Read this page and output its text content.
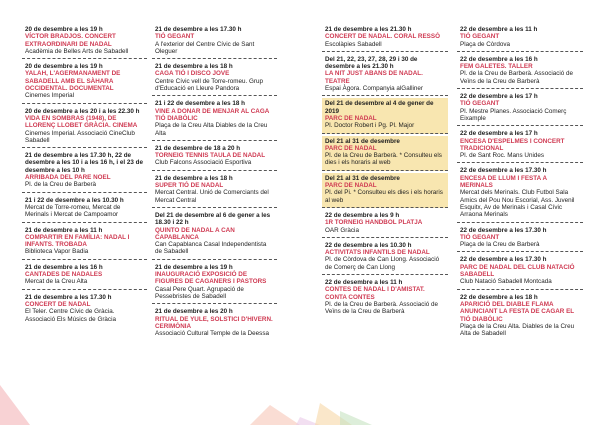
20 de desembre a les 19 h
VÍCTOR BRADJOS. CONCERT EXTRAORDINARI DE NADAL
Acadèmia de Belles Arts de Sabadell
20 de desembre a les 19 h
YALAH, L'AGERMANAMENT DE SABADELL AMB EL SÀHARA OCCIDENTAL. DOCUMENTAL
Cinemes Imperial
20 de desembre a les 20 i a les 22.30 h
VIDA EN SOMBRAS (1948), DE LLORENÇ LLOBET GRÀCIA. CINEMA
Cinemes Imperial. Associació CineClub Sabadell
21 de desembre a les 17.30 h, 22 de desembre a les 10 i a les 16 h, i el 23 de desembre a les 10 h
ARRIBADA DEL PARE NOEL
Pl. de la Creu de Barberà
21 i 22 de desembre a les 10.30 h
Mercat de Torre-romeu, Mercat de Merinals i Mercat de Campoamor
21 de desembre a les 11 h
COMPARTIR EN FAMÍLIA: NADAL I INFANTS. TROBADA
Biblioteca Vapor Badia
21 de desembre a les 16 h
CANTADES DE NADALES
Mercat de la Creu Alta
21 de desembre a les 17.30 h
CONCERT DE NADAL
El Teler. Centre Cívic de Gràcia. Associació Els Músics de Gràcia
21 de desembre a les 17.30 h
TIÓ GEGANT
A l'exterior del Centre Cívic de Sant Oleguer
21 de desembre a les 18 h
CAGA TIÓ I DISCO JOVE
Centre Cívic vell de Torre-romeu. Grup d'Educació en Lleure Pandora
21 i 22 de desembre a les 18 h
VINE A DONAR DE MENJAR AL CAGA TIÓ DIABÒLIC
Plaça de la Creu Alta Diables de la Creu Alta
21 de desembre de 18 a 20 h
TORNEIG TENNIS TAULA DE NADAL
Club Falcons Associació Esportiva
21 de desembre a les 18 h
SUPER TIÓ DE NADAL
Mercat Central. Unió de Comerciants del Mercat Central
Del 21 de desembre al 6 de gener a les 18.30 i 22 h
QUINTO DE NADAL A CAN CAPABLANCA
Can Capablanca Casal Independentista de Sabadell
21 de desembre a les 19 h
INAUGURACIÓ EXPOSICIÓ DE FIGURES DE CAGANERS I PASTORS
Casal Pere Quart. Agrupació de Pessebristes de Sabadell
21 de desembre a les 20 h
RITUAL DE YULE, SOLSTICI D'HIVERN. CERIMÒNIA
Associació Cultural Temple de la Deessa
21 de desembre a les 21.30 h
CONCERT DE NADAL. CORAL RESSÒ
Escolàpies Sabadell
Del 21, 22, 23, 27, 28, 29 i 30 de desembre a les 21.30 h
LA NIT JUST ABANS DE NADAL. TEATRE
Espai Àgora. Companyia alGalliner
Del 21 de desembre al 4 de gener de 2019
PARC DE NADAL
Pl. Doctor Robert i Pg. Pl. Major
Del 21 al 31 de desembre
PARC DE NADAL
Pl. de la Creu de Barberà. * Consulteu els dies i els horaris al web
Del 21 al 31 de desembre
PARC DE NADAL
Pl. del Pi. * Consulteu els dies i els horaris al web
22 de desembre a les 9 h
1R TORNEIG HANDBOL PLATJA
OAR Gràcia
22 de desembre a les 10.30 h
ACTIVITATS INFANTILS DE NADAL
Pl. de Còrdova de Can Llong. Associació de Comerç de Can Llong
22 de desembre a les 11 h
CONTES DE NADAL I D'AMISTAT. CONTA CONTES
Pl. de la Creu de Barberà. Associació de Veïns de la Creu de Barberà
22 de desembre a les 11 h
TIÓ GEGANT
Plaça de Còrdova
22 de desembre a les 16 h
FEM GALETES. TALLER
Pl. de la Creu de Barberà. Associació de Veïns de la Creu de Barberà
22 de desembre a les 17 h
TIÓ GEGANT
Pl. Mestre Planes. Associació Comerç Eixample
22 de desembre a les 17 h
ENCESA D'ESPELMES I CONCERT TRADICIONAL
Pl. de Sant Roc. Mans Unides
22 de desembre a les 17.30 h
ENCESA DE LLUM I FESTA A MERINALS
Mercat dels Merinals. Club Futbol Sala Amics del Pou Nou Escorial, Ass. Juvenil Esquitx, Av de Merinals i Casal Cívic Arraona Merinals
22 de desembre a les 17.30 h
TIÓ GEGANT
Plaça de la Creu de Barberà
22 de desembre a les 17.30 h
PARC DE NADAL DEL CLUB NATACIÓ SABADELL
Club Natació Sabadell Montcada
22 de desembre a les 18 h
APARICIÓ DEL DIABLE FLAMA ANUNCIANT LA FESTA DE CAGAR EL TIÓ DIABÒLIC
Plaça de la Creu Alta. Diables de la Creu Alta de Sabadell
